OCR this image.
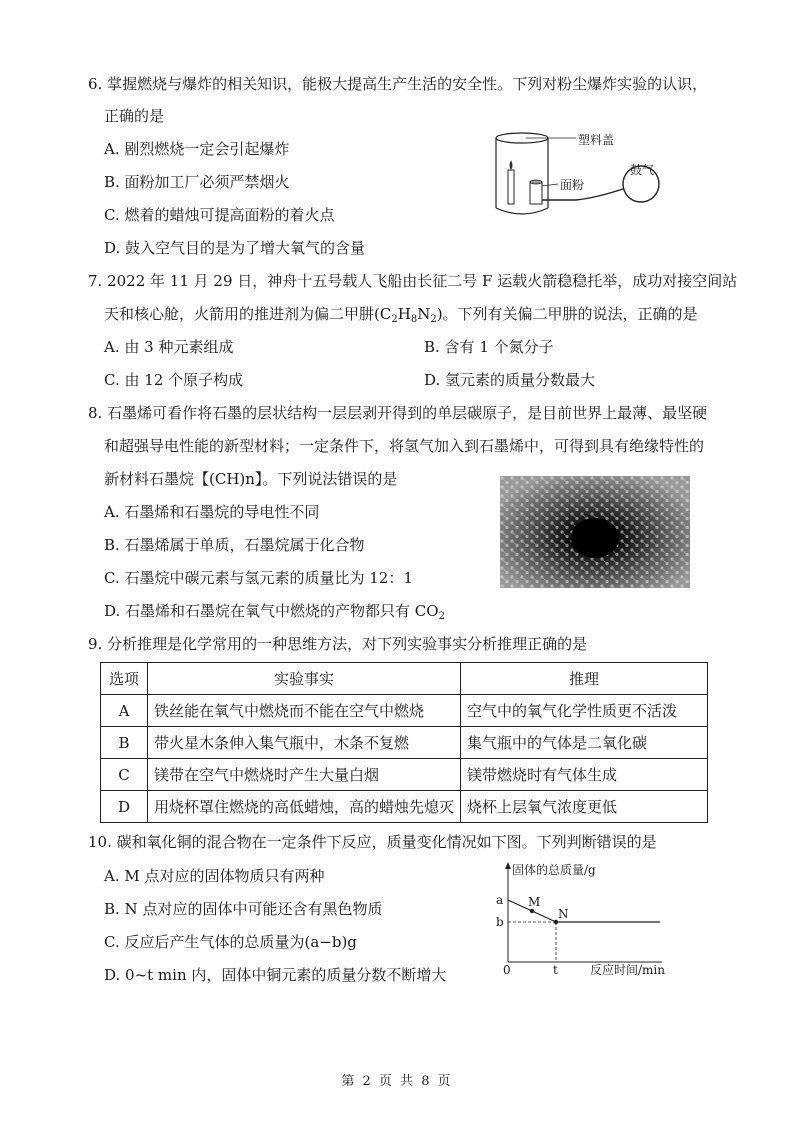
6. 掌握燃烧与爆炸的相关知识，能极大提高生产生活的安全性。下列对粉尘爆炸实验的认识，
正确的是
A. 剧烈燃烧一定会引起爆炸
B. 面粉加工厂必须严禁烟火
C. 燃着的蜡烛可提高面粉的着火点
D. 鼓入空气目的是为了增大氧气的含量
塑料盖
面粉
鼓气
7. 2022 年 11 月 29 日，神舟十五号载人飞船由长征二号 F 运载火箭稳稳托举，成功对接空间站
天和核心舱，火箭用的推进剂为偏二甲肼$(C_2H_8N_2)$。下列有关偏二甲肼的说法，正确的是
A. 由 3 种元素组成	B. 含有 1 个氮分子
C. 由 12 个原子构成	D. 氢元素的质量分数最大
8. 石墨烯可看作将石墨的层状结构一层层剥开得到的单层碳原子，是目前世界上最薄、最坚硬
和超强导电性能的新型材料；一定条件下，将氢气加入到石墨烯中，可得到具有绝缘特性的
新材料石墨烷【(CH)n】。下列说法错误的是
A. 石墨烯和石墨烷的导电性不同
B. 石墨烯属于单质，石墨烷属于化合物
C. 石墨烷中碳元素与氢元素的质量比为 12：1
D. 石墨烯和石墨烷在氧气中燃烧的产物都只有 $CO_2$
9. 分析推理是化学常用的一种思维方法，对下列实验事实分析推理正确的是
选项	实验事实	推理
A	铁丝能在氧气中燃烧而不能在空气中燃烧	空气中的氧气化学性质更不活泼
B	带火星木条伸入集气瓶中，木条不复燃	集气瓶中的气体是二氧化碳
C	镁带在空气中燃烧时产生大量白烟	镁带燃烧时有气体生成
D	用烧杯罩住燃烧的高低蜡烛，高的蜡烛先熄灭	烧杯上层氧气浓度更低
10. 碳和氧化铜的混合物在一定条件下反应，质量变化情况如下图。下列判断错误的是
A. M 点对应的固体物质只有两种
B. N 点对应的固体中可能还含有黑色物质
C. 反应后产生气体的总质量为(a−b)g
D. 0~t min 内，固体中铜元素的质量分数不断增大
固体的总质量/g
a
b
0	t	反应时间/min
M
N
第 2 页 共 8 页
